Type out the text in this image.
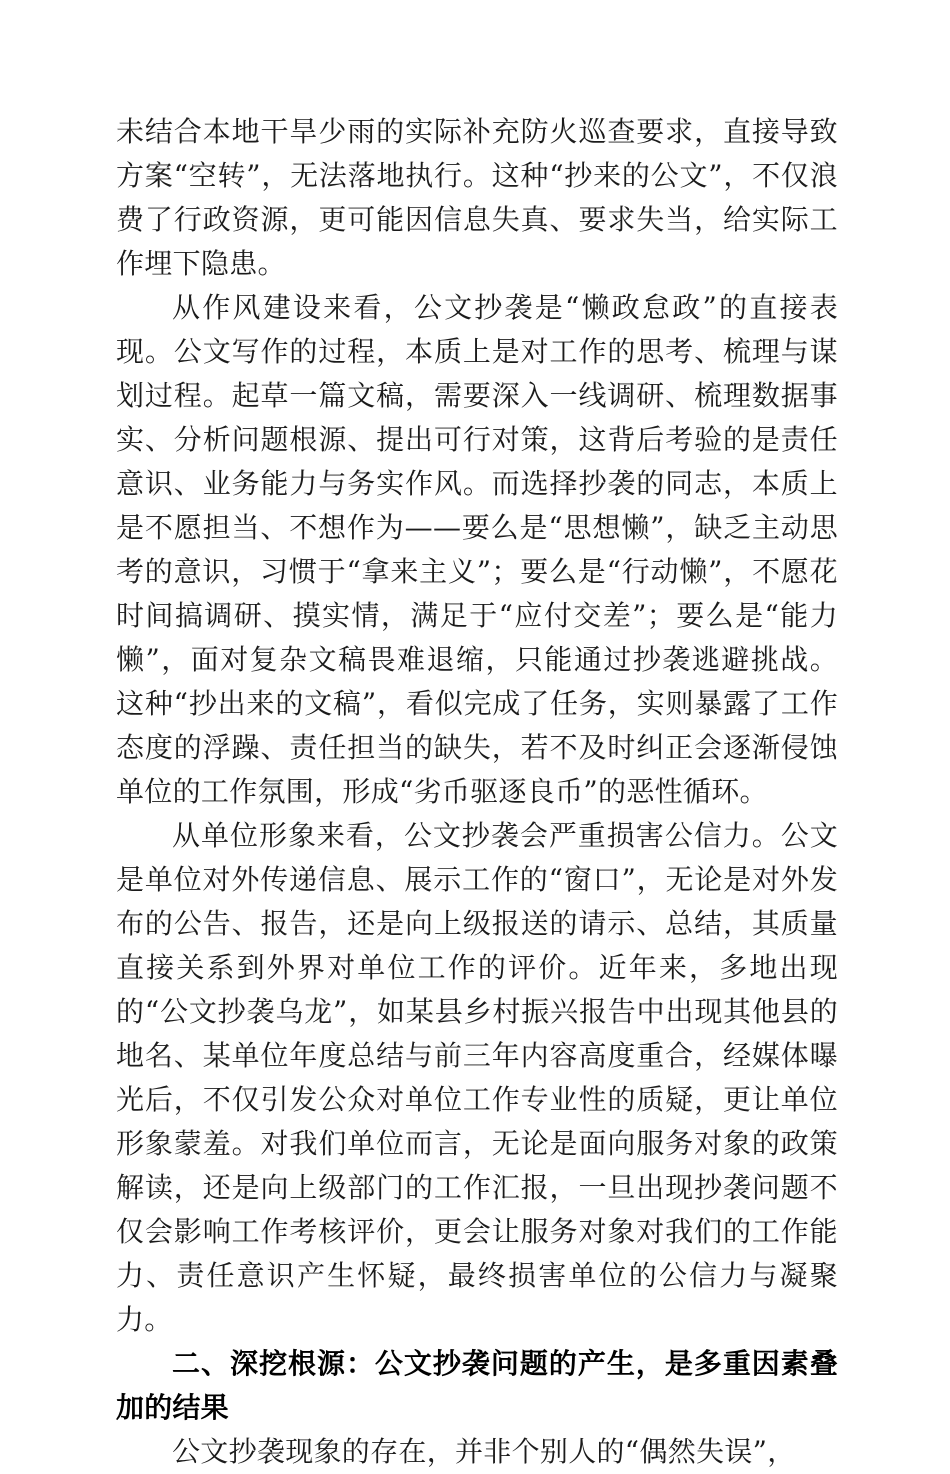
未结合本地干旱少雨的实际补充防火巡查要求，直接导致方案“空转”，无法落地执行。这种“抄来的公文”，不仅浪费了行政资源，更可能因信息失真、要求失当，给实际工作埋下隐患。

从作风建设来看，公文抄袭是“懒政怠政”的直接表现。公文写作的过程，本质上是对工作的思考、梳理与谋划过程。起草一篇文稿，需要深入一线调研、梳理数据事实、分析问题根源、提出可行对策，这背后考验的是责任意识、业务能力与务实作风。而选择抄袭的同志，本质上是不愿担当、不想作为——要么是“思想懒”，缺乏主动思考的意识，习惯于“拿来主义”；要么是“行动懒”，不愿花时间搞调研、摸实情，满足于“应付交差”；要么是“能力懒”，面对复杂文稿畏难退缩，只能通过抄袭逃避挑战。这种“抄出来的文稿”，看似完成了任务，实则暴露了工作态度的浮躁、责任担当的缺失，若不及时纠正会逐渐侵蚀单位的工作氛围，形成“劣币驱逐良币”的恶性循环。

从单位形象来看，公文抄袭会严重损害公信力。公文是单位对外传递信息、展示工作的“窗口”，无论是对外发布的公告、报告，还是向上级报送的请示、总结，其质量直接关系到外界对单位工作的评价。近年来，多地出现的“公文抄袭乌龙”，如某县乡村振兴报告中出现其他县的地名、某单位年度总结与前三年内容高度重合，经媒体曝光后，不仅引发公众对单位工作专业性的质疑，更让单位形象蒙羞。对我们单位而言，无论是面向服务对象的政策解读，还是向上级部门的工作汇报，一旦出现抄袭问题不仅会影响工作考核评价，更会让服务对象对我们的工作能力、责任意识产生怀疑，最终损害单位的公信力与凝聚力。

二、深挖根源：公文抄袭问题的产生，是多重因素叠加的结果

公文抄袭现象的存在，并非个别人的“偶然失误”，
